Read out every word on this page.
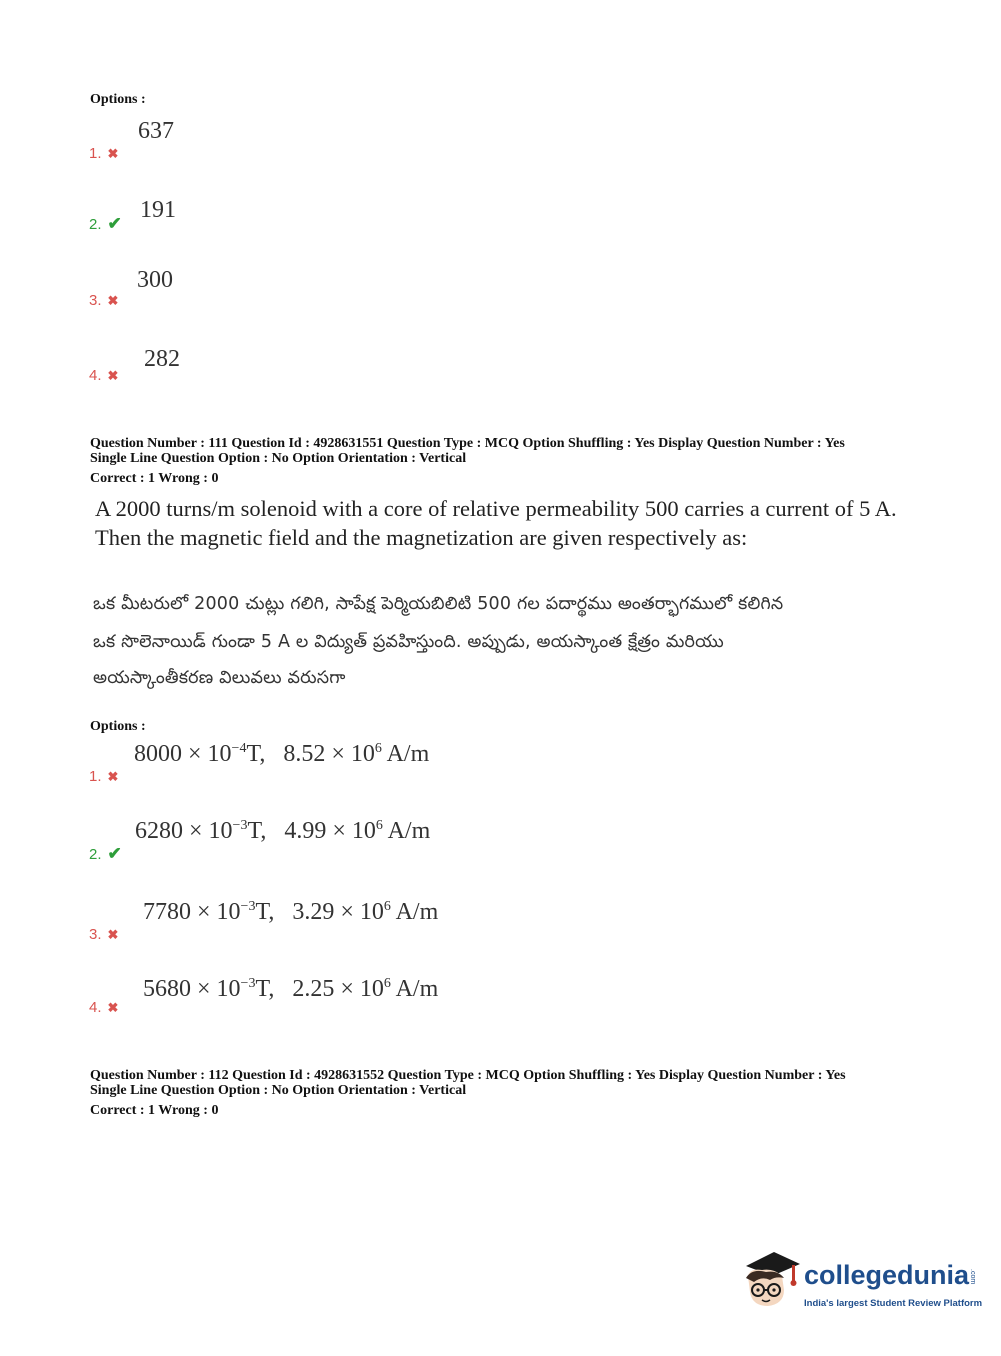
Options :
637
1. ✖
191
2. ✔
300
3. ✖
282
4. ✖
Question Number : 111 Question Id : 4928631551 Question Type : MCQ Option Shuffling : Yes Display Question Number : Yes
Single Line Question Option : No Option Orientation : Vertical
Correct : 1 Wrong : 0
A 2000 turns/m solenoid with a core of relative permeability 500 carries a current of 5 A.
Then the magnetic field and the magnetization are given respectively as:
ఒక మీటరులో 2000 చుట్లు గలిగి, సాపేక్ష పెర్మియబిలిటి 500 గల పదార్థము అంతర్భాగములో కలిగిన
ఒక సొలెనాయిడ్ గుండా 5 A ల విద్యుత్ ప్రవహిస్తుంది. అప్పుడు, అయస్కాంత క్షేత్రం మరియు
అయస్కాంతీకరణ విలువలు వరుసగా
Options :
$8000 \times 10^{-4}T$, $8.52 \times 10^6$ A/m
1. ✖
$6280 \times 10^{-3}T$, $4.99 \times 10^6$ A/m
2. ✔
$7780 \times 10^{-3}T$, $3.29 \times 10^6$ A/m
3. ✖
$5680 \times 10^{-3}T$, $2.25 \times 10^6$ A/m
4. ✖
Question Number : 112 Question Id : 4928631552 Question Type : MCQ Option Shuffling : Yes Display Question Number : Yes
Single Line Question Option : No Option Orientation : Vertical
Correct : 1 Wrong : 0
collegedunia.com
India's largest Student Review Platform
